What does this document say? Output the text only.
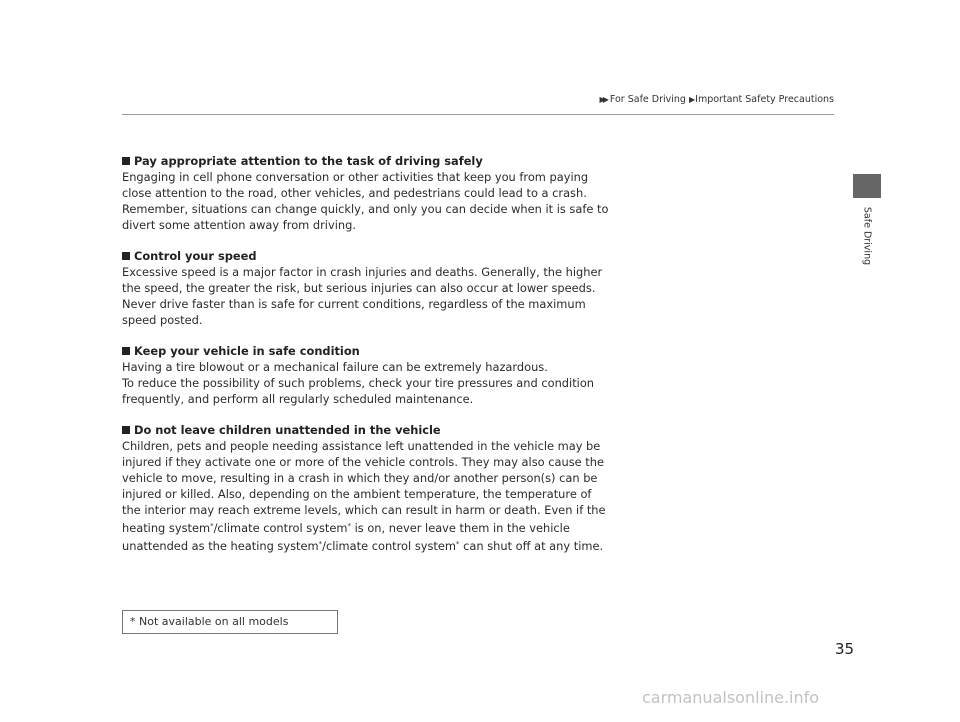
▶▶ For Safe Driving ▶Important Safety Precautions
Safe Driving
Pay appropriate attention to the task of driving safely
Engaging in cell phone conversation or other activities that keep you from paying
close attention to the road, other vehicles, and pedestrians could lead to a crash.
Remember, situations can change quickly, and only you can decide when it is safe to
divert some attention away from driving.
Control your speed
Excessive speed is a major factor in crash injuries and deaths. Generally, the higher
the speed, the greater the risk, but serious injuries can also occur at lower speeds.
Never drive faster than is safe for current conditions, regardless of the maximum
speed posted.
Keep your vehicle in safe condition
Having a tire blowout or a mechanical failure can be extremely hazardous.
To reduce the possibility of such problems, check your tire pressures and condition
frequently, and perform all regularly scheduled maintenance.
Do not leave children unattended in the vehicle
Children, pets and people needing assistance left unattended in the vehicle may be
injured if they activate one or more of the vehicle controls. They may also cause the
vehicle to move, resulting in a crash in which they and/or another person(s) can be
injured or killed. Also, depending on the ambient temperature, the temperature of
the interior may reach extreme levels, which can result in harm or death. Even if the
heating system*/climate control system* is on, never leave them in the vehicle
unattended as the heating system*/climate control system* can shut off at any time.
* Not available on all models
35
carmanualsonline.info
